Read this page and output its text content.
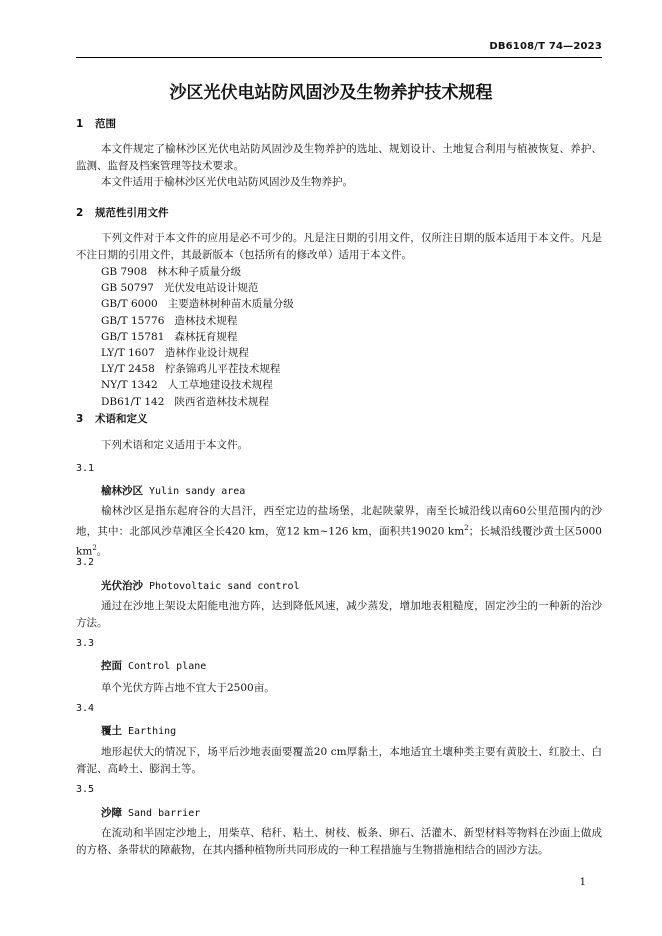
DB6108/T 74—2023
沙区光伏电站防风固沙及生物养护技术规程
1 范围

本文件规定了榆林沙区光伏电站防风固沙及生物养护的选址、规划设计、土地复合利用与植被恢复、养护、监测、监督及档案管理等技术要求。

本文件适用于榆林沙区光伏电站防风固沙及生物养护。

2 规范性引用文件

下列文件对于本文件的应用是必不可少的。凡是注日期的引用文件，仅所注日期的版本适用于本文件。凡是不注日期的引用文件，其最新版本（包括所有的修改单）适用于本文件。

GB 7908 林木种子质量分级

GB 50797 光伏发电站设计规范

GB/T 6000 主要造林树种苗木质量分级

GB/T 15776 造林技术规程

GB/T 15781 森林抚育规程

LY/T 1607 造林作业设计规程

LY/T 2458 柠条锦鸡儿平茬技术规程

NY/T 1342 人工草地建设技术规程

DB61/T 142 陕西省造林技术规程

3 术语和定义

下列术语和定义适用于本文件。

3.1
榆林沙区 Yulin sandy area

榆林沙区是指东起府谷的大昌汗，西至定边的盐场堡，北起陕蒙界，南至长城沿线以南60公里范围内的沙地，其中：北部风沙草滩区全长420 km，宽12 km~126 km，面积共19020 $km^2$；长城沿线覆沙黄土区5000 $km^2$。

3.2
光伏治沙 Photovoltaic sand control

通过在沙地上架设太阳能电池方阵，达到降低风速，减少蒸发，增加地表粗糙度，固定沙尘的一种新的治沙方法。

3.3
控面 Control plane

单个光伏方阵占地不宜大于2500亩。

3.4
覆土 Earthing

地形起伏大的情况下，场平后沙地表面要覆盖20 cm厚黏土，本地适宜土壤种类主要有黄胶土、红胶土、白膏泥、高岭土、膨润土等。

3.5
沙障 Sand barrier

在流动和半固定沙地上，用柴草、秸秆、粘土、树枝、板条、卵石、活灌木、新型材料等物料在沙面上做成的方格、条带状的障蔽物，在其内播种植物所共同形成的一种工程措施与生物措施相结合的固沙方法。

1
